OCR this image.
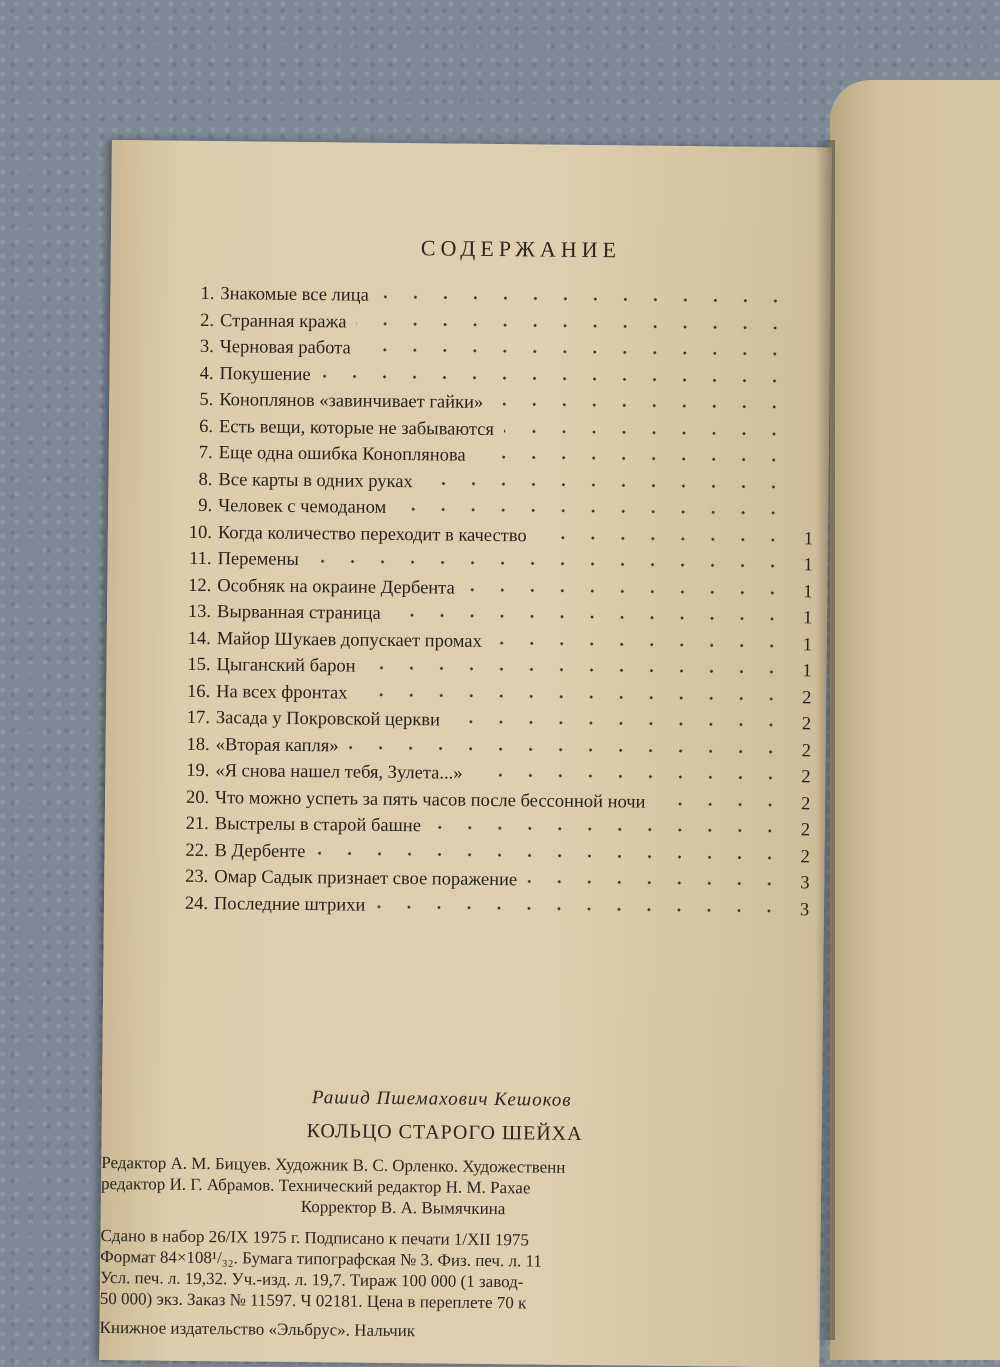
СОДЕРЖАНИЕ
1. Знакомые все лица
2. Странная кража
3. Черновая работа
4. Покушение
5. Коноплянов «завинчивает гайки»
6. Есть вещи, которые не забываются
7. Еще одна ошибка Коноплянова
8. Все карты в одних руках
9. Человек с чемоданом
10. Когда количество переходит в качество	1
11. Перемены	1
12. Особняк на окраине Дербента	1
13. Вырванная страница	1
14. Майор Шукаев допускает промах	1
15. Цыганский барон	1
16. На всех фронтах	2
17. Засада у Покровской церкви	2
18. «Вторая капля»	2
19. «Я снова нашел тебя, Зулета...»	2
20. Что можно успеть за пять часов после бессонной ночи	2
21. Выстрелы в старой башне	2
22. В Дербенте	2
23. Омар Садык признает свое поражение	3
24. Последние штрихи	3
Рашид Пшемахович Кешоков
КОЛЬЦО СТАРОГО ШЕЙХА
Редактор А. М. Бицуев. Художник В. С. Орленко. Художественн
редактор И. Г. Абрамов. Технический редактор Н. М. Рахае
Корректор В. А. Вымячкина
Сдано в набор 26/IX 1975 г. Подписано к печати 1/XII 1975
Формат 84×108¹/₃₂. Бумага типографская № 3. Физ. печ. л. 11
Усл. печ. л. 19,32. Уч.-изд. л. 19,7. Тираж 100 000 (1 завод-
50 000) экз. Заказ № 11597. Ч 02181. Цена в переплете 70 к
Книжное издательство «Эльбрус». Нальчик
